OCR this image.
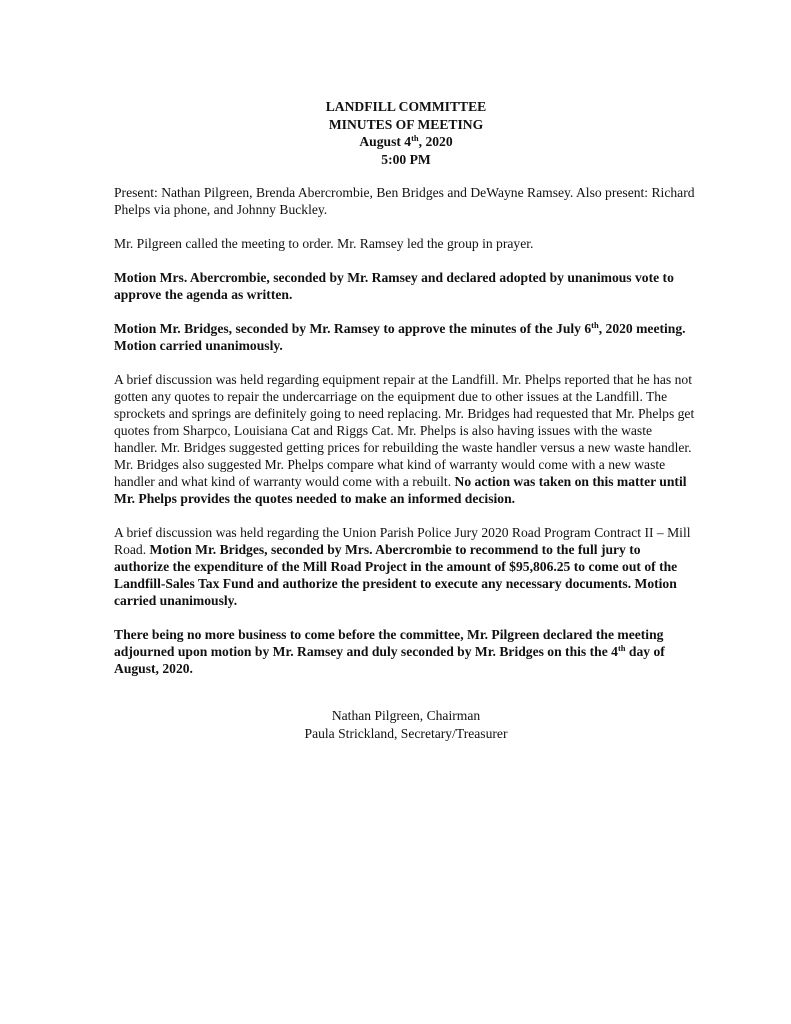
LANDFILL COMMITTEE
MINUTES OF MEETING
August 4th, 2020
5:00 PM

Present: Nathan Pilgreen, Brenda Abercrombie, Ben Bridges and DeWayne Ramsey. Also present: Richard Phelps via phone, and Johnny Buckley.

Mr. Pilgreen called the meeting to order. Mr. Ramsey led the group in prayer.

Motion Mrs. Abercrombie, seconded by Mr. Ramsey and declared adopted by unanimous vote to approve the agenda as written.

Motion Mr. Bridges, seconded by Mr. Ramsey to approve the minutes of the July 6th, 2020 meeting. Motion carried unanimously.

A brief discussion was held regarding equipment repair at the Landfill. Mr. Phelps reported that he has not gotten any quotes to repair the undercarriage on the equipment due to other issues at the Landfill. The sprockets and springs are definitely going to need replacing. Mr. Bridges had requested that Mr. Phelps get quotes from Sharpco, Louisiana Cat and Riggs Cat. Mr. Phelps is also having issues with the waste handler. Mr. Bridges suggested getting prices for rebuilding the waste handler versus a new waste handler. Mr. Bridges also suggested Mr. Phelps compare what kind of warranty would come with a new waste handler and what kind of warranty would come with a rebuilt. No action was taken on this matter until Mr. Phelps provides the quotes needed to make an informed decision.

A brief discussion was held regarding the Union Parish Police Jury 2020 Road Program Contract II – Mill Road. Motion Mr. Bridges, seconded by Mrs. Abercrombie to recommend to the full jury to authorize the expenditure of the Mill Road Project in the amount of $95,806.25 to come out of the Landfill-Sales Tax Fund and authorize the president to execute any necessary documents. Motion carried unanimously.

There being no more business to come before the committee, Mr. Pilgreen declared the meeting adjourned upon motion by Mr. Ramsey and duly seconded by Mr. Bridges on this the 4th day of August, 2020.

Nathan Pilgreen, Chairman
Paula Strickland, Secretary/Treasurer
